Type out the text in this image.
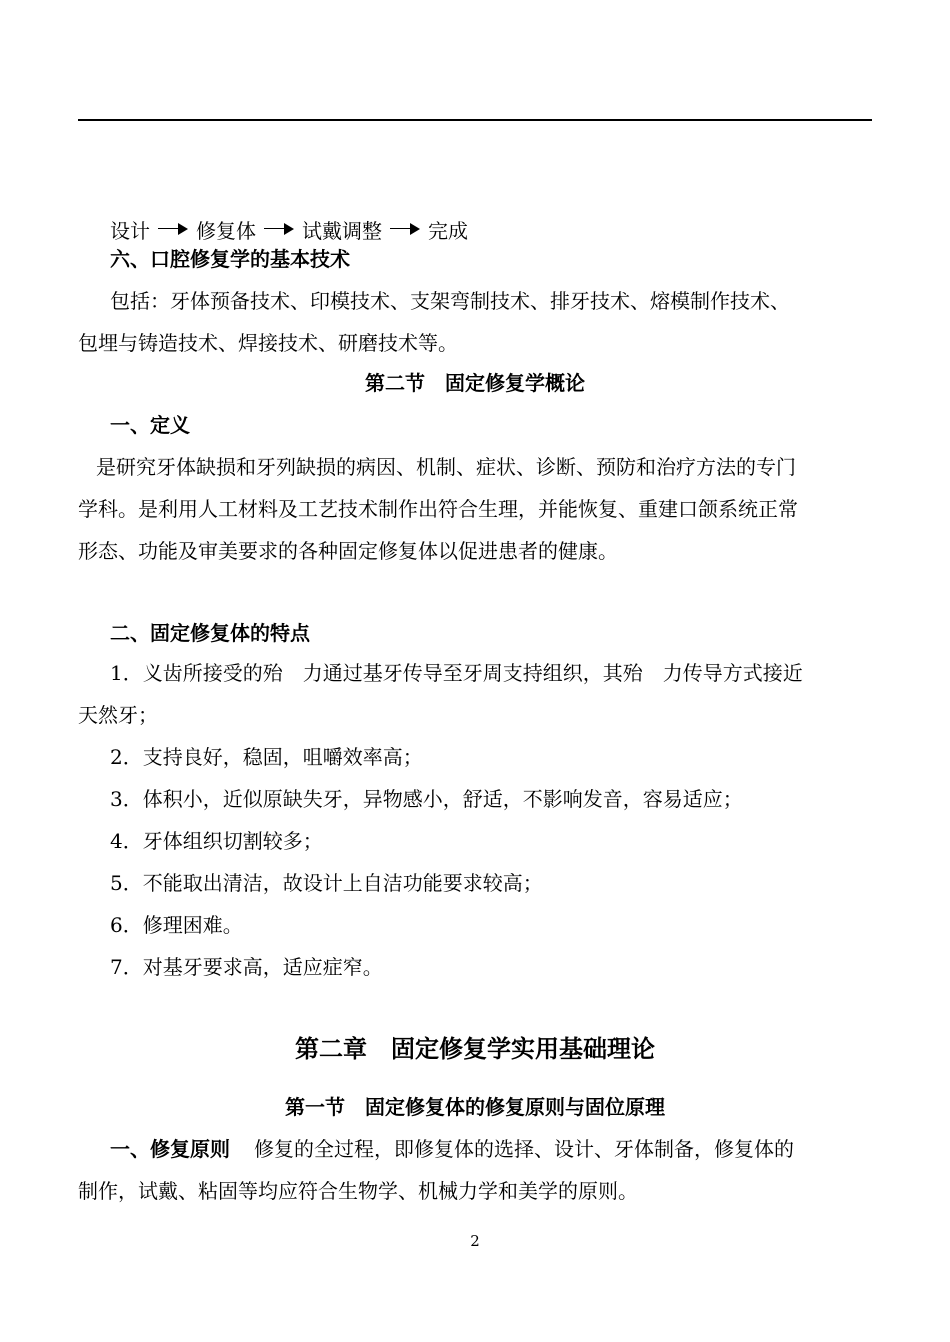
设计 修复体 试戴调整 完成
六、口腔修复学的基本技术
包括：牙体预备技术、印模技术、支架弯制技术、排牙技术、熔模制作技术、
包埋与铸造技术、焊接技术、研磨技术等。
第二节　固定修复学概论
一、定义
是研究牙体缺损和牙列缺损的病因、机制、症状、诊断、预防和治疗方法的专门
学科。是利用人工材料及工艺技术制作出符合生理，并能恢复、重建口颌系统正常
形态、功能及审美要求的各种固定修复体以促进患者的健康。
二、固定修复体的特点
1．义齿所接受的殆　力通过基牙传导至牙周支持组织，其殆　力传导方式接近
天然牙；
2．支持良好，稳固，咀嚼效率高；
3．体积小，近似原缺失牙，异物感小，舒适，不影响发音，容易适应；
4．牙体组织切割较多；
5．不能取出清洁，故设计上自洁功能要求较高；
6．修理困难。
7．对基牙要求高，适应症窄。
第二章　固定修复学实用基础理论
第一节　固定修复体的修复原则与固位原理
一、修复原则 修复的全过程，即修复体的选择、设计、牙体制备，修复体的
制作，试戴、粘固等均应符合生物学、机械力学和美学的原则。
2
